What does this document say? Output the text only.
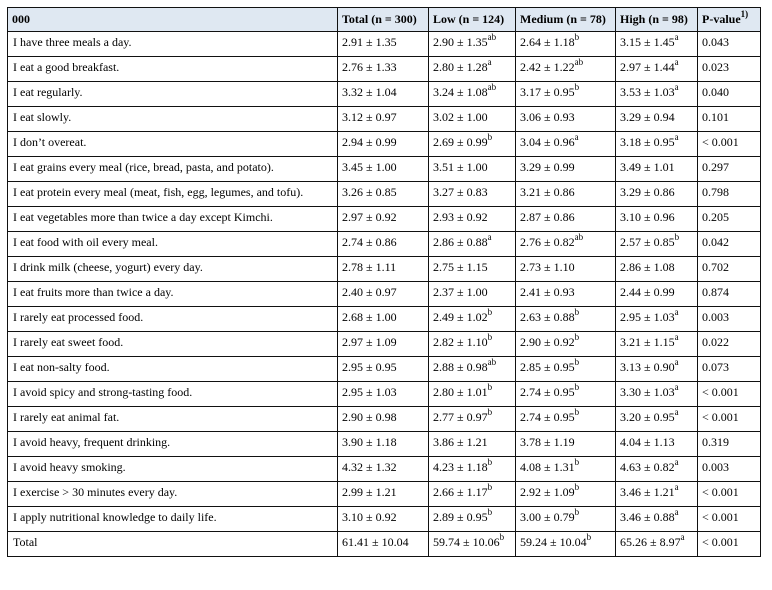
000	Total (n = 300)	Low (n = 124)	Medium (n = 78)	High (n = 98)	P-value$^{1)}$
I have three meals a day.	2.91 ± 1.35	2.90 ± 1.35$^{ab}$	2.64 ± 1.18$^b$	3.15 ± 1.45$^a$	0.043
I eat a good breakfast.	2.76 ± 1.33	2.80 ± 1.28$^a$	2.42 ± 1.22$^{ab}$	2.97 ± 1.44$^a$	0.023
I eat regularly.	3.32 ± 1.04	3.24 ± 1.08$^{ab}$	3.17 ± 0.95$^b$	3.53 ± 1.03$^a$	0.040
I eat slowly.	3.12 ± 0.97	3.02 ± 1.00	3.06 ± 0.93	3.29 ± 0.94	0.101
I don’t overeat.	2.94 ± 0.99	2.69 ± 0.99$^b$	3.04 ± 0.96$^a$	3.18 ± 0.95$^a$	< 0.001
I eat grains every meal (rice, bread, pasta, and potato).	3.45 ± 1.00	3.51 ± 1.00	3.29 ± 0.99	3.49 ± 1.01	0.297
I eat protein every meal (meat, fish, egg, legumes, and tofu).	3.26 ± 0.85	3.27 ± 0.83	3.21 ± 0.86	3.29 ± 0.86	0.798
I eat vegetables more than twice a day except Kimchi.	2.97 ± 0.92	2.93 ± 0.92	2.87 ± 0.86	3.10 ± 0.96	0.205
I eat food with oil every meal.	2.74 ± 0.86	2.86 ± 0.88$^a$	2.76 ± 0.82$^{ab}$	2.57 ± 0.85$^b$	0.042
I drink milk (cheese, yogurt) every day.	2.78 ± 1.11	2.75 ± 1.15	2.73 ± 1.10	2.86 ± 1.08	0.702
I eat fruits more than twice a day.	2.40 ± 0.97	2.37 ± 1.00	2.41 ± 0.93	2.44 ± 0.99	0.874
I rarely eat processed food.	2.68 ± 1.00	2.49 ± 1.02$^b$	2.63 ± 0.88$^b$	2.95 ± 1.03$^a$	0.003
I rarely eat sweet food.	2.97 ± 1.09	2.82 ± 1.10$^b$	2.90 ± 0.92$^b$	3.21 ± 1.15$^a$	0.022
I eat non-salty food.	2.95 ± 0.95	2.88 ± 0.98$^{ab}$	2.85 ± 0.95$^b$	3.13 ± 0.90$^a$	0.073
I avoid spicy and strong-tasting food.	2.95 ± 1.03	2.80 ± 1.01$^b$	2.74 ± 0.95$^b$	3.30 ± 1.03$^a$	< 0.001
I rarely eat animal fat.	2.90 ± 0.98	2.77 ± 0.97$^b$	2.74 ± 0.95$^b$	3.20 ± 0.95$^a$	< 0.001
I avoid heavy, frequent drinking.	3.90 ± 1.18	3.86 ± 1.21	3.78 ± 1.19	4.04 ± 1.13	0.319
I avoid heavy smoking.	4.32 ± 1.32	4.23 ± 1.18$^b$	4.08 ± 1.31$^b$	4.63 ± 0.82$^a$	0.003
I exercise > 30 minutes every day.	2.99 ± 1.21	2.66 ± 1.17$^b$	2.92 ± 1.09$^b$	3.46 ± 1.21$^a$	< 0.001
I apply nutritional knowledge to daily life.	3.10 ± 0.92	2.89 ± 0.95$^b$	3.00 ± 0.79$^b$	3.46 ± 0.88$^a$	< 0.001
Total	61.41 ± 10.04	59.74 ± 10.06$^b$	59.24 ± 10.04$^b$	65.26 ± 8.97$^a$	< 0.001
